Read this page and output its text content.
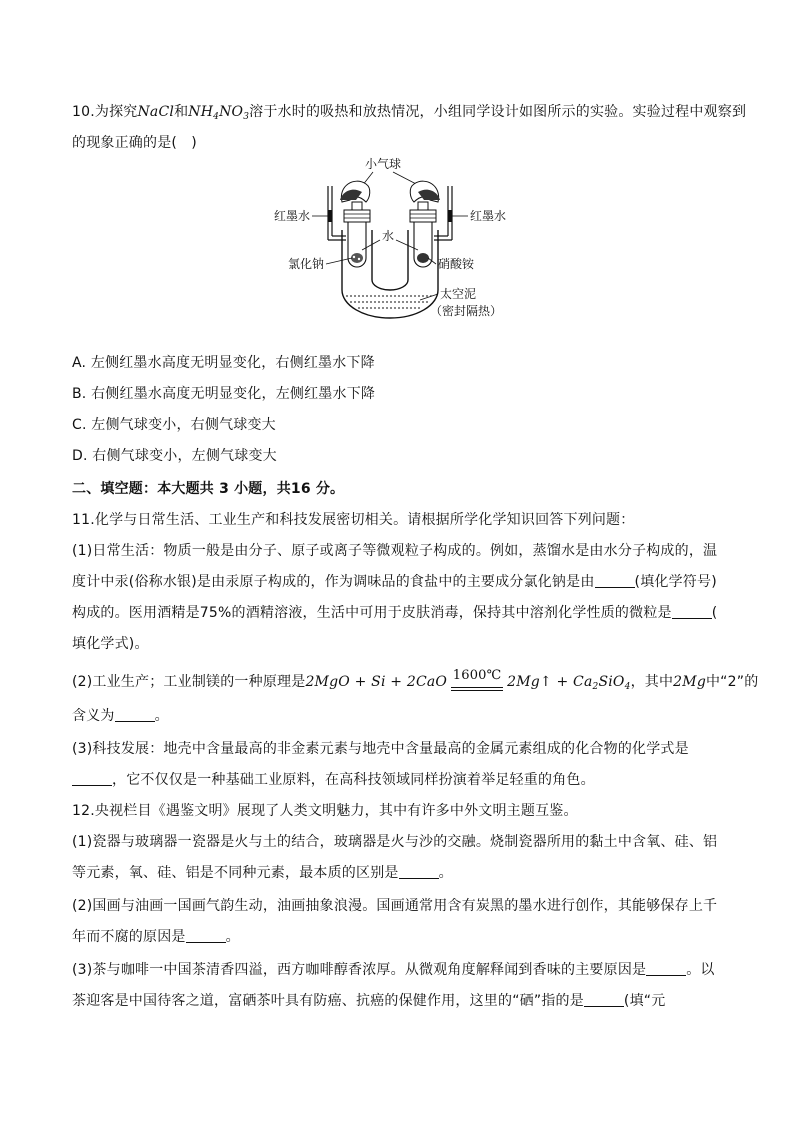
10.为探究NaCl和$NH_4NO_3$溶于水时的吸热和放热情况，小组同学设计如图所示的实验。实验过程中观察到
的现象正确的是(　)
小气球
红墨水	红墨水
水
氯化钠	硝酸铵
太空泥
（密封隔热）
A. 左侧红墨水高度无明显变化，右侧红墨水下降
B. 右侧红墨水高度无明显变化，左侧红墨水下降
C. 左侧气球变小，右侧气球变大
D. 右侧气球变小，左侧气球变大
二、填空题：本大题共 3 小题，共16 分。
11.化学与日常生活、工业生产和科技发展密切相关。请根据所学化学知识回答下列问题：
(1)日常生活：物质一般是由分子、原子或离子等微观粒子构成的。例如，蒸馏水是由水分子构成的，温
度计中汞(俗称水银)是由汞原子构成的，作为调味品的食盐中的主要成分氯化钠是由	(填化学符号)
构成的。医用酒精是75%的酒精溶液，生活中可用于皮肤消毒，保持其中溶剂化学性质的微粒是	(
填化学式)。
(2)工业生产；工业制镁的一种原理是2MgO + Si + 2CaO 1600℃ 2Mg↑ + $Ca_2SiO_4$，其中2Mg中“2”的
含义为	。
(3)科技发展：地壳中含量最高的非金素元素与地壳中含量最高的金属元素组成的化合物的化学式是
，它不仅仅是一种基础工业原料，在高科技领域同样扮演着举足轻重的角色。
12.央视栏目《遇鉴文明》展现了人类文明魅力，其中有许多中外文明主题互鉴。
(1)瓷器与玻璃器一瓷器是火与土的结合，玻璃器是火与沙的交融。烧制瓷器所用的黏土中含氧、硅、铝
等元素，氧、硅、铝是不同种元素，最本质的区别是	。
(2)国画与油画一国画气韵生动，油画抽象浪漫。国画通常用含有炭黑的墨水进行创作，其能够保存上千
年而不腐的原因是	。
(3)茶与咖啡一中国茶清香四溢，西方咖啡醇香浓厚。从微观角度解释闻到香味的主要原因是	。以
茶迎客是中国待客之道，富硒茶叶具有防癌、抗癌的保健作用，这里的“硒”指的是	(填“元
